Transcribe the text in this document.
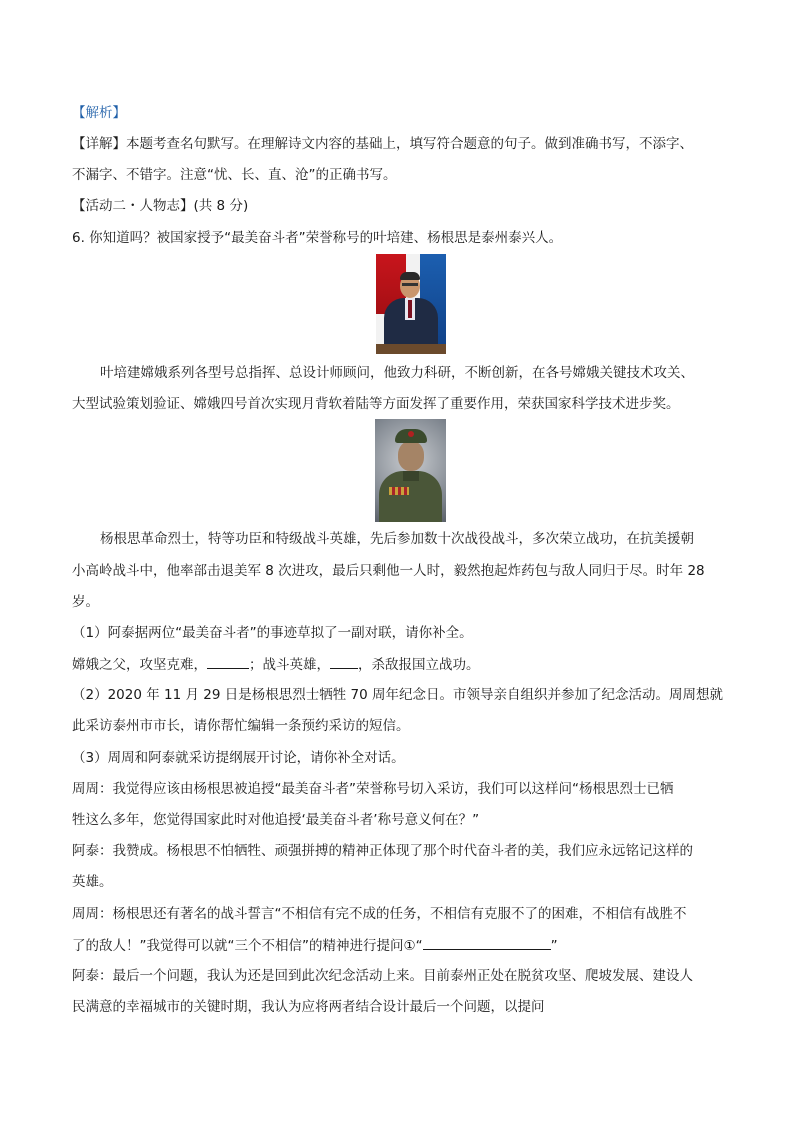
【解析】
【详解】本题考查名句默写。在理解诗文内容的基础上，填写符合题意的句子。做到准确书写，不添字、
不漏字、不错字。注意“忧、长、直、沧”的正确书写。
【活动二・人物志】(共 8 分)
6. 你知道吗？被国家授予“最美奋斗者”荣誉称号的叶培建、杨根思是泰州泰兴人。
叶培建嫦娥系列各型号总指挥、总设计师顾问，他致力科研，不断创新，在各号嫦娥关键技术攻关、
大型试验策划验证、嫦娥四号首次实现月背软着陆等方面发挥了重要作用，荣获国家科学技术进步奖。
杨根思革命烈士，特等功臣和特级战斗英雄，先后参加数十次战役战斗，多次荣立战功，在抗美援朝
小高岭战斗中，他率部击退美军 8 次进攻，最后只剩他一人时，毅然抱起炸药包与敌人同归于尽。时年 28
岁。
（1）阿泰据两位“最美奋斗者”的事迹草拟了一副对联，请你补全。
嫦娥之父，攻坚克难，	；战斗英雄， ，杀敌报国立战功。
（2）2020 年 11 月 29 日是杨根思烈士牺牲 70 周年纪念日。市领导亲自组织并参加了纪念活动。周周想就
此采访泰州市市长，请你帮忙编辑一条预约采访的短信。
（3）周周和阿泰就采访提纲展开讨论，请你补全对话。
周周：我觉得应该由杨根思被追授“最美奋斗者”荣誉称号切入采访，我们可以这样问“杨根思烈士已牺
牲这么多年，您觉得国家此时对他追授‘最美奋斗者’称号意义何在？”
阿泰：我赞成。杨根思不怕牺牲、顽强拼搏的精神正体现了那个时代奋斗者的美，我们应永远铭记这样的
英雄。
周周：杨根思还有著名的战斗誓言“不相信有完不成的任务，不相信有克服不了的困难，不相信有战胜不
了的敌人！”我觉得可以就“三个不相信”的精神进行提问①“	”
阿泰：最后一个问题，我认为还是回到此次纪念活动上来。目前泰州正处在脱贫攻坚、爬坡发展、建设人
民满意的幸福城市的关键时期，我认为应将两者结合设计最后一个问题，以提问
